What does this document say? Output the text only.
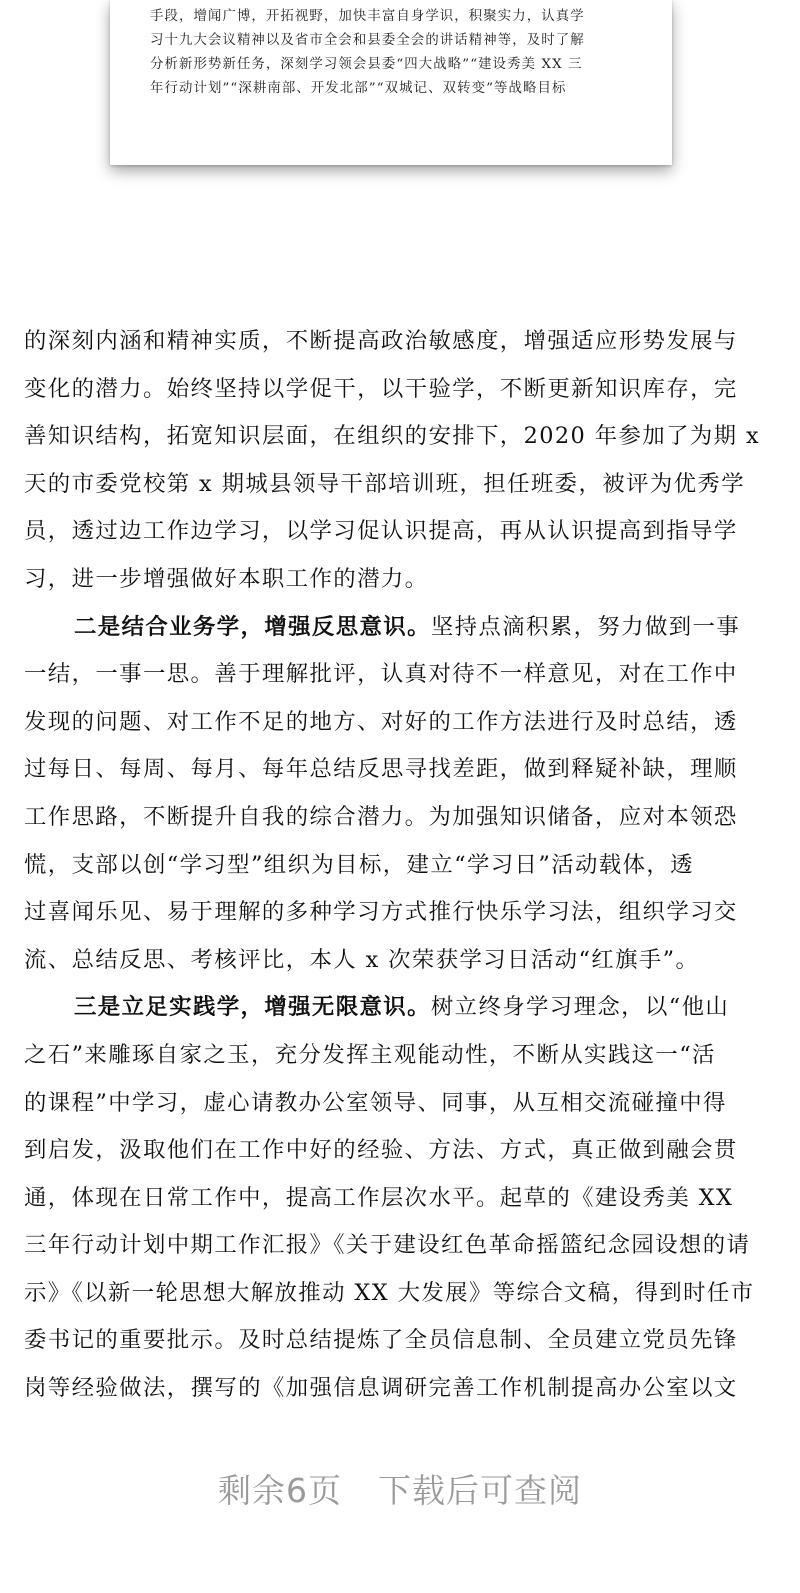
手段，增闻广博，开拓视野，加快丰富自身学识，积聚实力，认真学
习十九大会议精神以及省市全会和县委全会的讲话精神等，及时了解
分析新形势新任务，深刻学习领会县委“四大战略”“建设秀美 XX 三
年行动计划”“深耕南部、开发北部”“双城记、双转变”等战略目标
的深刻内涵和精神实质，不断提高政治敏感度，增强适应形势发展与
变化的潜力。始终坚持以学促干，以干验学，不断更新知识库存，完
善知识结构，拓宽知识层面，在组织的安排下，2020 年参加了为期 x
天的市委党校第 x 期城县领导干部培训班，担任班委，被评为优秀学
员，透过边工作边学习，以学习促认识提高，再从认识提高到指导学
习，进一步增强做好本职工作的潜力。
二是结合业务学，增强反思意识。坚持点滴积累，努力做到一事
一结，一事一思。善于理解批评，认真对待不一样意见，对在工作中
发现的问题、对工作不足的地方、对好的工作方法进行及时总结，透
过每日、每周、每月、每年总结反思寻找差距，做到释疑补缺，理顺
工作思路，不断提升自我的综合潜力。为加强知识储备，应对本领恐
慌，支部以创“学习型”组织为目标，建立“学习日”活动载体，透
过喜闻乐见、易于理解的多种学习方式推行快乐学习法，组织学习交
流、总结反思、考核评比，本人 x 次荣获学习日活动“红旗手”。
三是立足实践学，增强无限意识。树立终身学习理念，以“他山
之石”来雕琢自家之玉，充分发挥主观能动性，不断从实践这一“活
的课程”中学习，虚心请教办公室领导、同事，从互相交流碰撞中得
到启发，汲取他们在工作中好的经验、方法、方式，真正做到融会贯
通，体现在日常工作中，提高工作层次水平。起草的《建设秀美 XX
三年行动计划中期工作汇报》《关于建设红色革命摇篮纪念园设想的请
示》《以新一轮思想大解放推动 XX 大发展》等综合文稿，得到时任市
委书记的重要批示。及时总结提炼了全员信息制、全员建立党员先锋
岗等经验做法，撰写的《加强信息调研完善工作机制提高办公室以文
剩余6页 下载后可查阅
